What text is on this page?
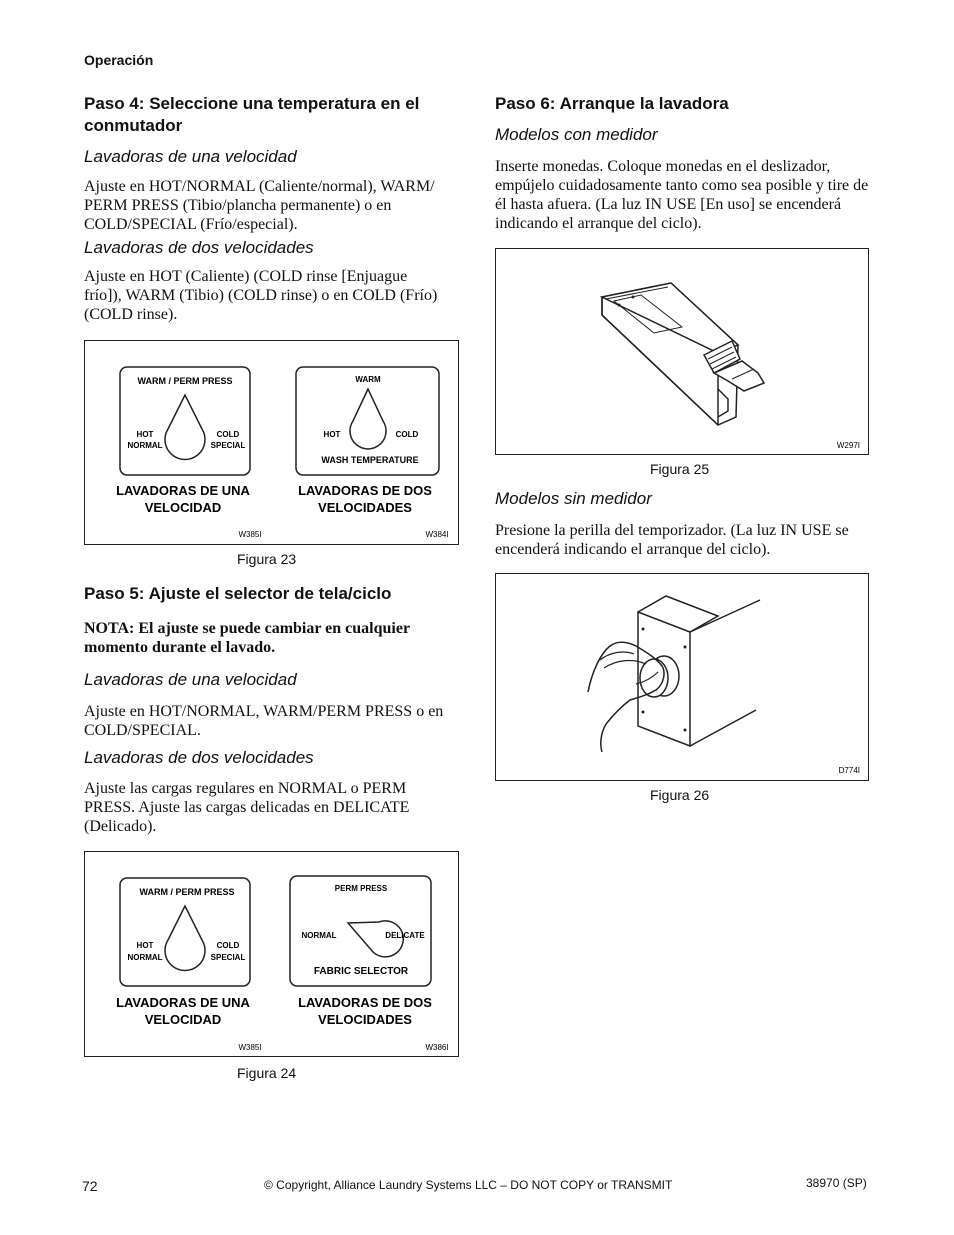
Operación
Paso 4: Seleccione una temperatura en el conmutador
Lavadoras de una velocidad
Ajuste en HOT/NORMAL (Caliente/normal), WARM/ PERM PRESS (Tibio/plancha permanente) o en COLD/SPECIAL (Frío/especial).
Lavadoras de dos velocidades
Ajuste en HOT (Caliente) (COLD rinse [Enjuague frío]), WARM (Tibio) (COLD rinse) o en COLD (Frío) (COLD rinse).
WARM / PERM PRESS
HOT
NORMAL
COLD
SPECIAL
LAVADORAS DE UNA
VELOCIDAD
W385I
WARM
HOT	COLD
WASH TEMPERATURE
LAVADORAS DE DOS
VELOCIDADES
W384I
Figura 23
Paso 5: Ajuste el selector de tela/ciclo
NOTA: El ajuste se puede cambiar en cualquier momento durante el lavado.
Lavadoras de una velocidad
Ajuste en HOT/NORMAL, WARM/PERM PRESS o en COLD/SPECIAL.
Lavadoras de dos velocidades
Ajuste las cargas regulares en NORMAL o PERM PRESS. Ajuste las cargas delicadas en DELICATE (Delicado).
WARM / PERM PRESS
HOT
NORMAL
COLD
SPECIAL
LAVADORAS DE UNA
VELOCIDAD
W385I
PERM PRESS
NORMAL	DELICATE
FABRIC SELECTOR
LAVADORAS DE DOS
VELOCIDADES
W386I
Figura 24
Paso 6: Arranque la lavadora
Modelos con medidor
Inserte monedas. Coloque monedas en el deslizador, empújelo cuidadosamente tanto como sea posible y tire de él hasta afuera. (La luz IN USE [En uso] se encenderá indicando el arranque del ciclo).
W297I
Figura 25
Modelos sin medidor
Presione la perilla del temporizador. (La luz IN USE se encenderá indicando el arranque del ciclo).
D774I
Figura 26
72	© Copyright, Alliance Laundry Systems LLC – DO NOT COPY or TRANSMIT	38970 (SP)
